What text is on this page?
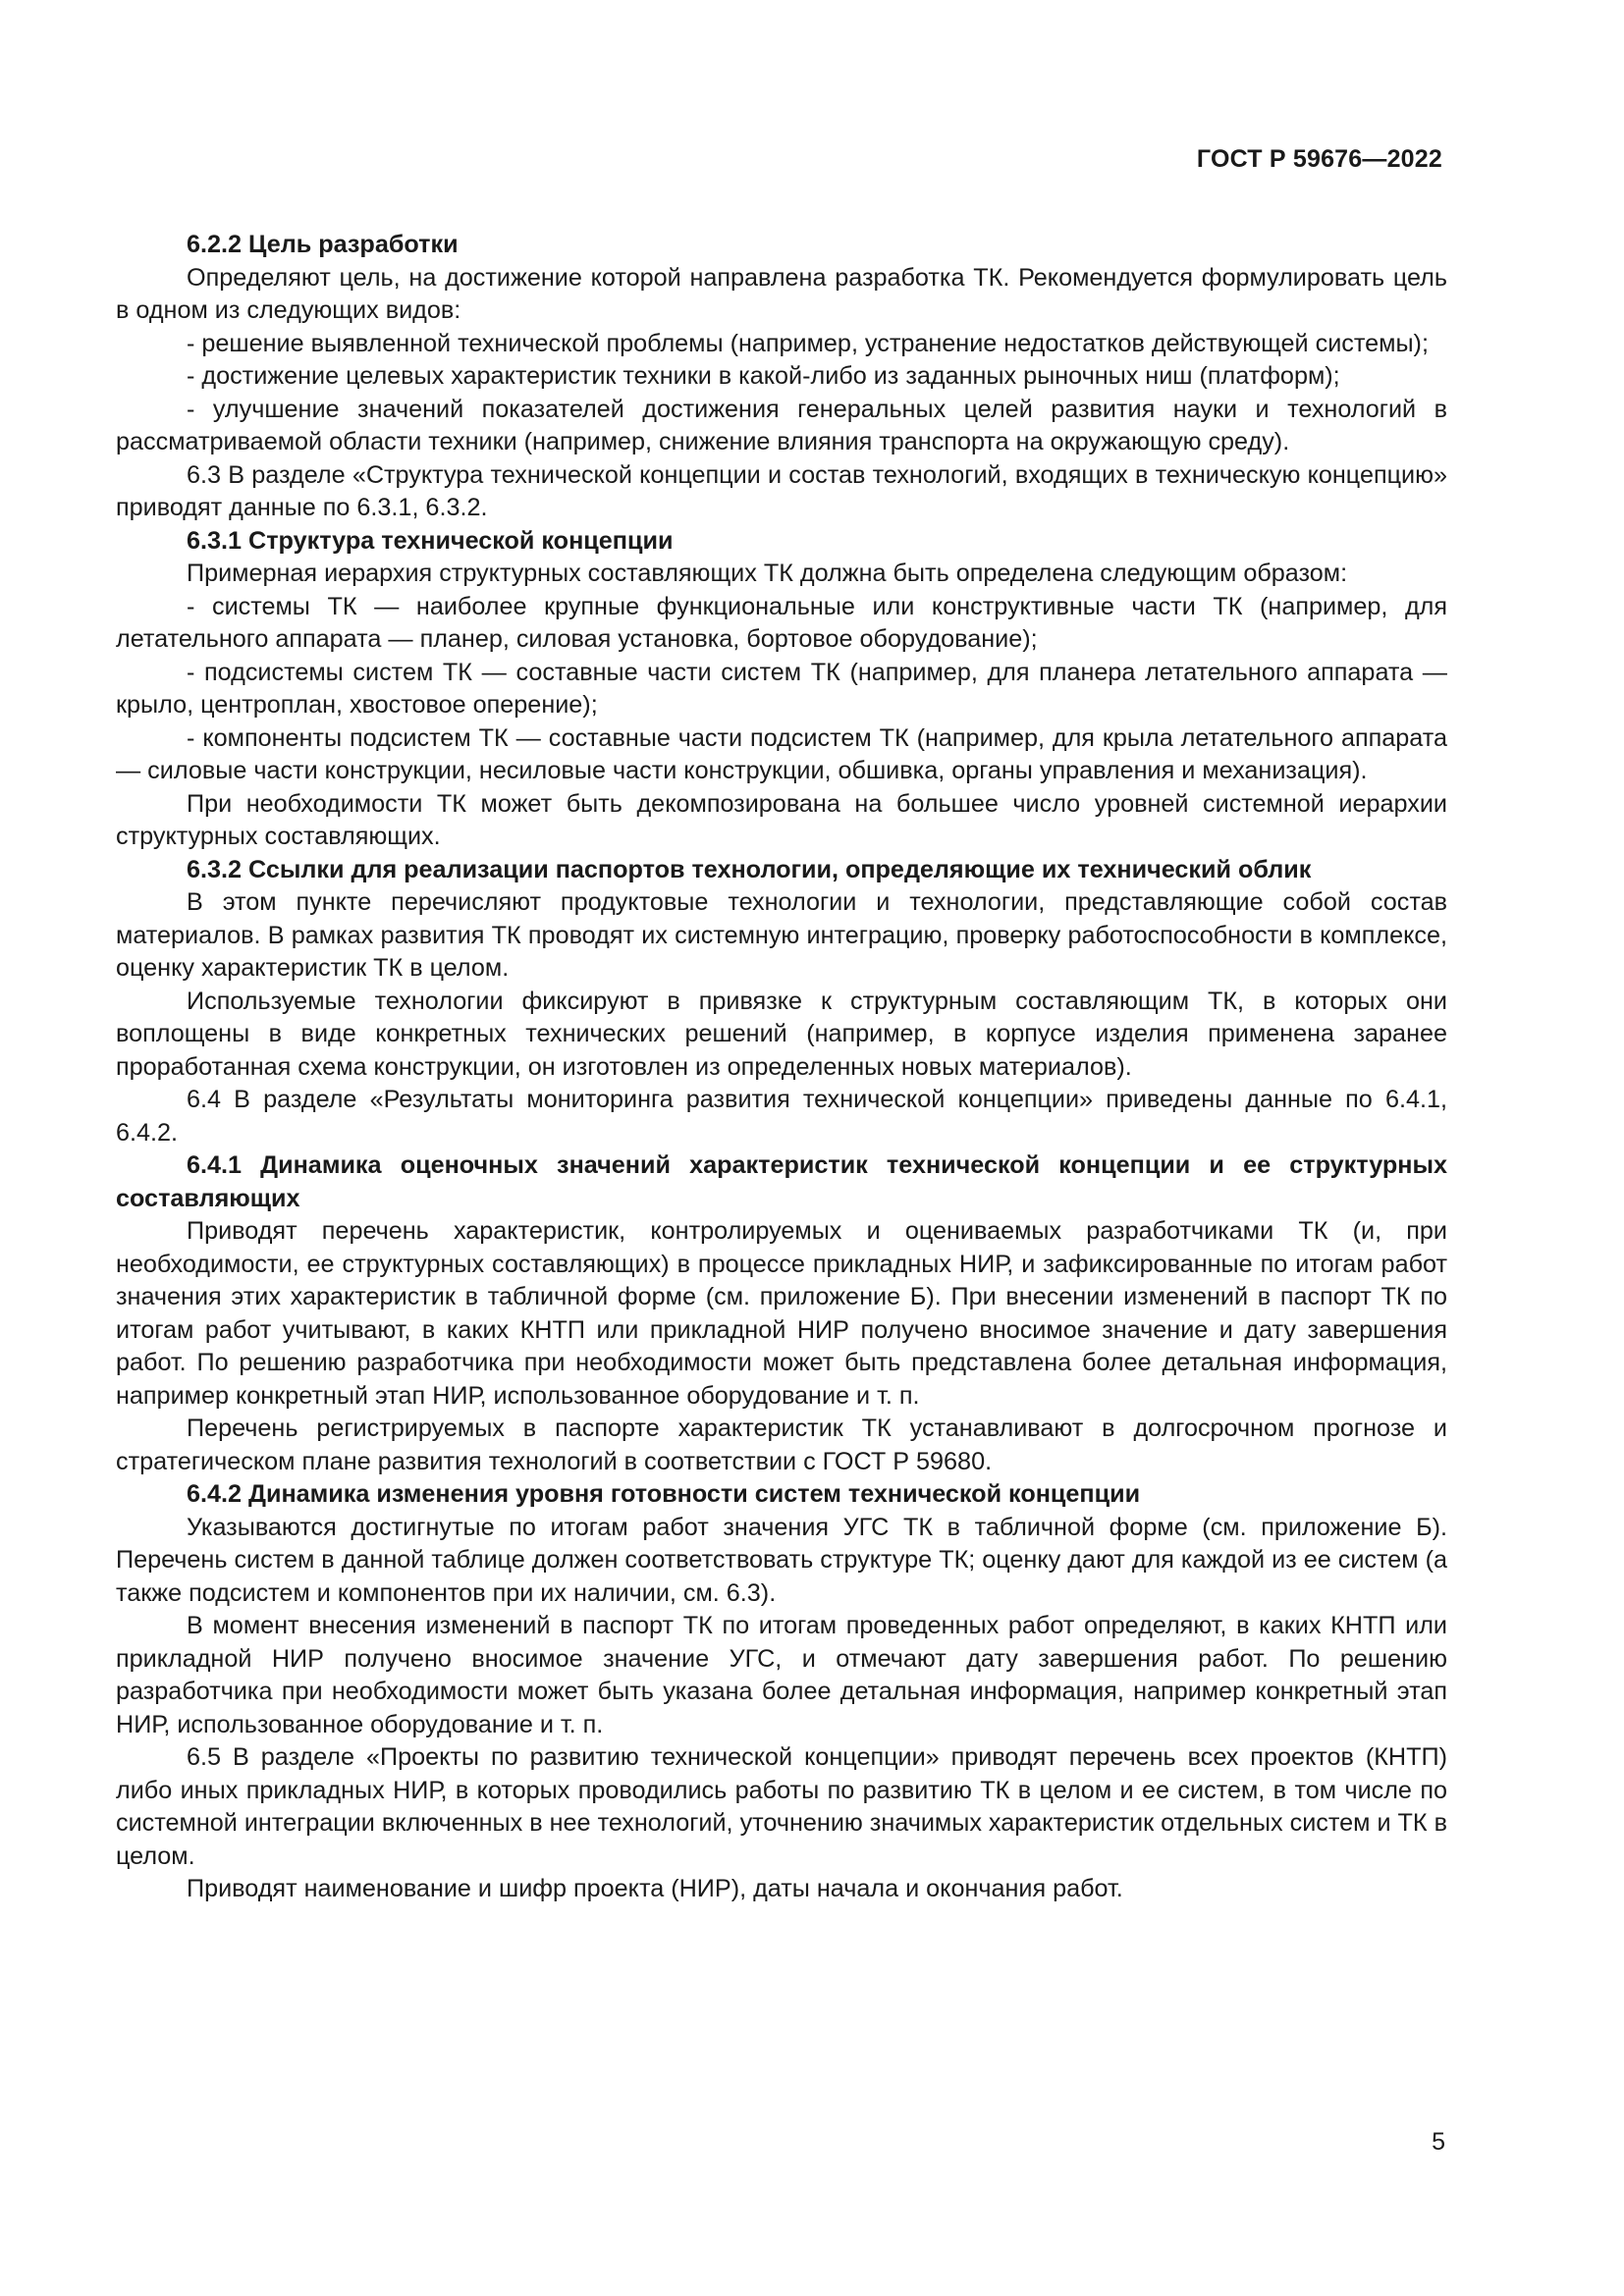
ГОСТ Р 59676—2022

6.2.2 Цель разработки

Определяют цель, на достижение которой направлена разработка ТК. Рекомендуется формулировать цель в одном из следующих видов:

- решение выявленной технической проблемы (например, устранение недостатков действующей системы);

- достижение целевых характеристик техники в какой-либо из заданных рыночных ниш (платформ);

- улучшение значений показателей достижения генеральных целей развития науки и технологий в рассматриваемой области техники (например, снижение влияния транспорта на окружающую среду).

6.3 В разделе «Структура технической концепции и состав технологий, входящих в техническую концепцию» приводят данные по 6.3.1, 6.3.2.

6.3.1 Структура технической концепции

Примерная иерархия структурных составляющих ТК должна быть определена следующим образом:

- системы ТК — наиболее крупные функциональные или конструктивные части ТК (например, для летательного аппарата — планер, силовая установка, бортовое оборудование);

- подсистемы систем ТК — составные части систем ТК (например, для планера летательного аппарата — крыло, центроплан, хвостовое оперение);

- компоненты подсистем ТК — составные части подсистем ТК (например, для крыла летательного аппарата — силовые части конструкции, несиловые части конструкции, обшивка, органы управления и механизация).

При необходимости ТК может быть декомпозирована на большее число уровней системной иерархии структурных составляющих.

6.3.2 Ссылки для реализации паспортов технологии, определяющие их технический облик

В этом пункте перечисляют продуктовые технологии и технологии, представляющие собой состав материалов. В рамках развития ТК проводят их системную интеграцию, проверку работоспособности в комплексе, оценку характеристик ТК в целом.

Используемые технологии фиксируют в привязке к структурным составляющим ТК, в которых они воплощены в виде конкретных технических решений (например, в корпусе изделия применена заранее проработанная схема конструкции, он изготовлен из определенных новых материалов).

6.4 В разделе «Результаты мониторинга развития технической концепции» приведены данные по 6.4.1, 6.4.2.

6.4.1 Динамика оценочных значений характеристик технической концепции и ее структурных составляющих

Приводят перечень характеристик, контролируемых и оцениваемых разработчиками ТК (и, при необходимости, ее структурных составляющих) в процессе прикладных НИР, и зафиксированные по итогам работ значения этих характеристик в табличной форме (см. приложение Б). При внесении изменений в паспорт ТК по итогам работ учитывают, в каких КНТП или прикладной НИР получено вносимое значение и дату завершения работ. По решению разработчика при необходимости может быть представлена более детальная информация, например конкретный этап НИР, использованное оборудование и т. п.

Перечень регистрируемых в паспорте характеристик ТК устанавливают в долгосрочном прогнозе и стратегическом плане развития технологий в соответствии с ГОСТ Р 59680.

6.4.2 Динамика изменения уровня готовности систем технической концепции

Указываются достигнутые по итогам работ значения УГС ТК в табличной форме (см. приложение Б). Перечень систем в данной таблице должен соответствовать структуре ТК; оценку дают для каждой из ее систем (а также подсистем и компонентов при их наличии, см. 6.3).

В момент внесения изменений в паспорт ТК по итогам проведенных работ определяют, в каких КНТП или прикладной НИР получено вносимое значение УГС, и отмечают дату завершения работ. По решению разработчика при необходимости может быть указана более детальная информация, например конкретный этап НИР, использованное оборудование и т. п.

6.5 В разделе «Проекты по развитию технической концепции» приводят перечень всех проектов (КНТП) либо иных прикладных НИР, в которых проводились работы по развитию ТК в целом и ее систем, в том числе по системной интеграции включенных в нее технологий, уточнению значимых характеристик отдельных систем и ТК в целом.

Приводят наименование и шифр проекта (НИР), даты начала и окончания работ.

5
